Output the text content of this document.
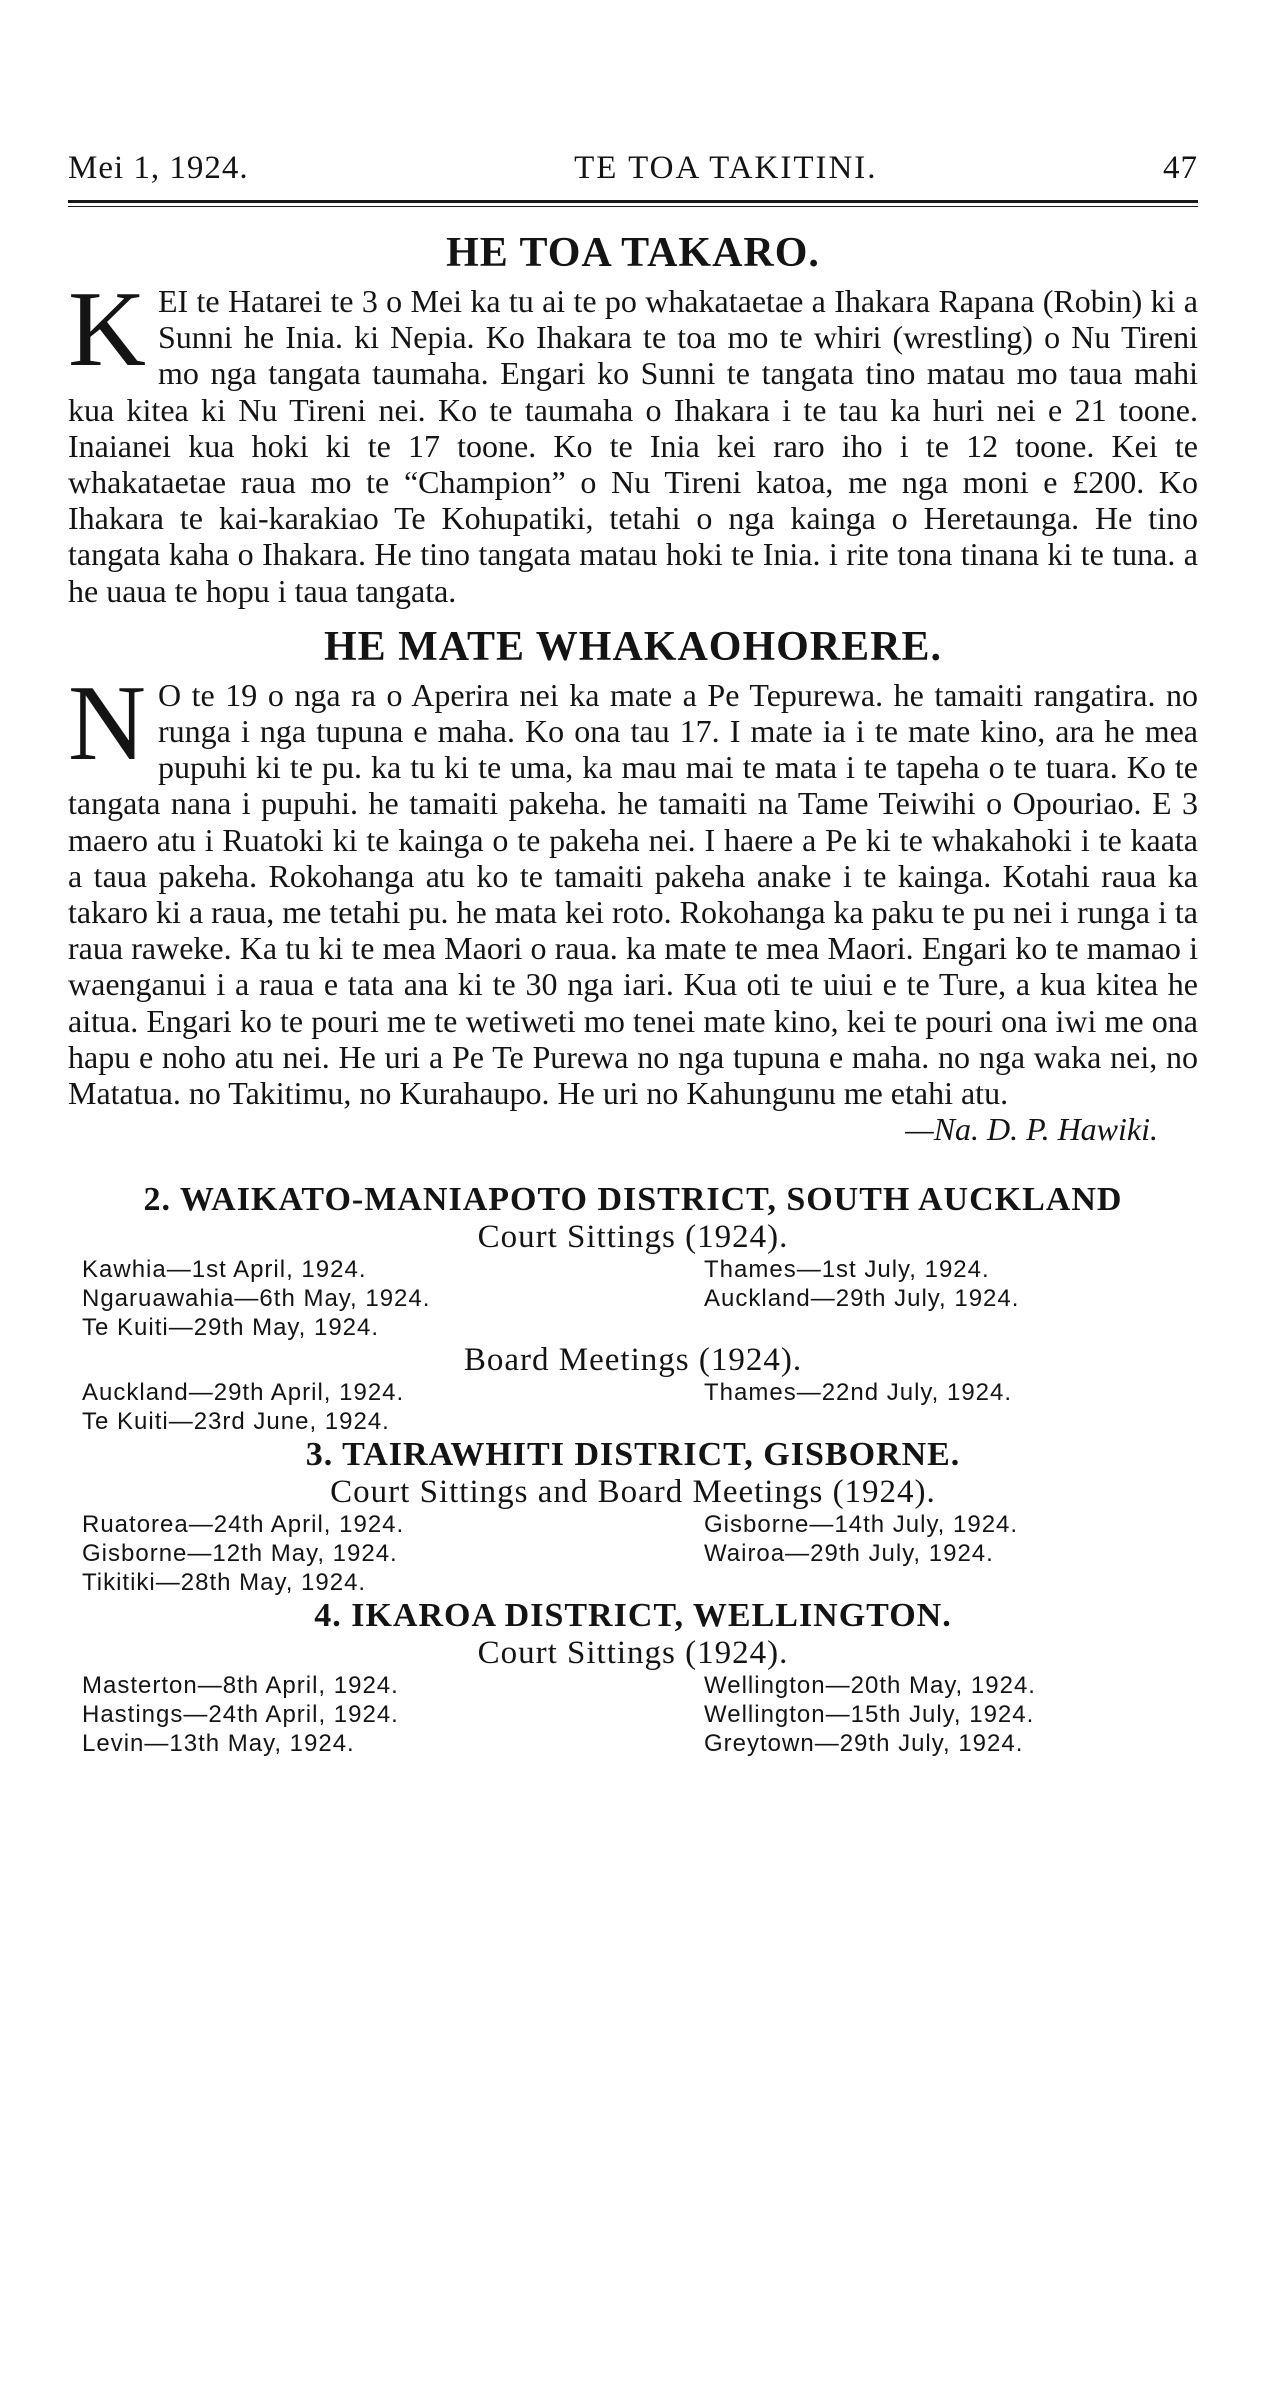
Mei 1, 1924.	TE TOA TAKITINI.	47
HE TOA TAKARO.

KEI te Hatarei te 3 o Mei ka tu ai te po whakataetae a Ihakara Rapana (Robin) ki a Sunni he Inia. ki Nepia. Ko Ihakara te toa mo te whiri (wrestling) o Nu Tireni mo nga tangata taumaha. Engari ko Sunni te tangata tino matau mo taua mahi kua kitea ki Nu Tireni nei. Ko te taumaha o Ihakara i te tau ka huri nei e 21 toone. Inaianei kua hoki ki te 17 toone. Ko te Inia kei raro iho i te 12 toone. Kei te whakataetae raua mo te “Champion” o Nu Tireni katoa, me nga moni e £200. Ko Ihakara te kai-karakiao Te Kohupatiki, tetahi o nga kainga o Heretaunga. He tino tangata kaha o Ihakara. He tino tangata matau hoki te Inia. i rite tona tinana ki te tuna. a he uaua te hopu i taua tangata.

HE MATE WHAKAOHORERE.

N O te 19 o nga ra o Aperira nei ka mate a Pe Tepurewa. he tamaiti rangatira. no runga i nga tupuna e maha. Ko ona tau 17. I mate ia i te mate kino, ara he mea pupuhi ki te pu. ka tu ki te uma, ka mau mai te mata i te tapeha o te tuara. Ko te tangata nana i pupuhi. he tamaiti pakeha. he tamaiti na Tame Teiwihi o Opouriao. E 3 maero atu i Ruatoki ki te kainga o te pakeha nei. I haere a Pe ki te whakahoki i te kaata a taua pakeha. Rokohanga atu ko te tamaiti pakeha anake i te kainga. Kotahi raua ka takaro ki a raua, me tetahi pu. he mata kei roto. Rokohanga ka paku te pu nei i runga i ta raua raweke. Ka tu ki te mea Maori o raua. ka mate te mea Maori. Engari ko te mamao i waenganui i a raua e tata ana ki te 30 nga iari. Kua oti te uiui e te Ture, a kua kitea he aitua. Engari ko te pouri me te wetiweti mo tenei mate kino, kei te pouri ona iwi me ona hapu e noho atu nei. He uri a Pe Te Purewa no nga tupuna e maha. no nga waka nei, no Matatua. no Takitimu, no Kurahaupo. He uri no Kahungunu me etahi atu.

—Na. D. P. Hawiki.
2. WAIKATO-MANIAPOTO DISTRICT, SOUTH AUCKLAND
Court Sittings (1924).
Kawhia—1st April, 1924.	Thames—1st July, 1924.
Ngaruawahia—6th May, 1924.	Auckland—29th July, 1924.
Te Kuiti—29th May, 1924.
Board Meetings (1924).
Auckland—29th April, 1924.	Thames—22nd July, 1924.
Te Kuiti—23rd June, 1924.
3. TAIRAWHITI DISTRICT, GISBORNE.
Court Sittings and Board Meetings (1924).
Ruatorea—24th April, 1924.	Gisborne—14th July, 1924.
Gisborne—12th May, 1924.	Wairoa—29th July, 1924.
Tikitiki—28th May, 1924.
4. IKAROA DISTRICT, WELLINGTON.
Court Sittings (1924).
Masterton—8th April, 1924.	Wellington—20th May, 1924.
Hastings—24th April, 1924.	Wellington—15th July, 1924.
Levin—13th May, 1924.	Greytown—29th July, 1924.
